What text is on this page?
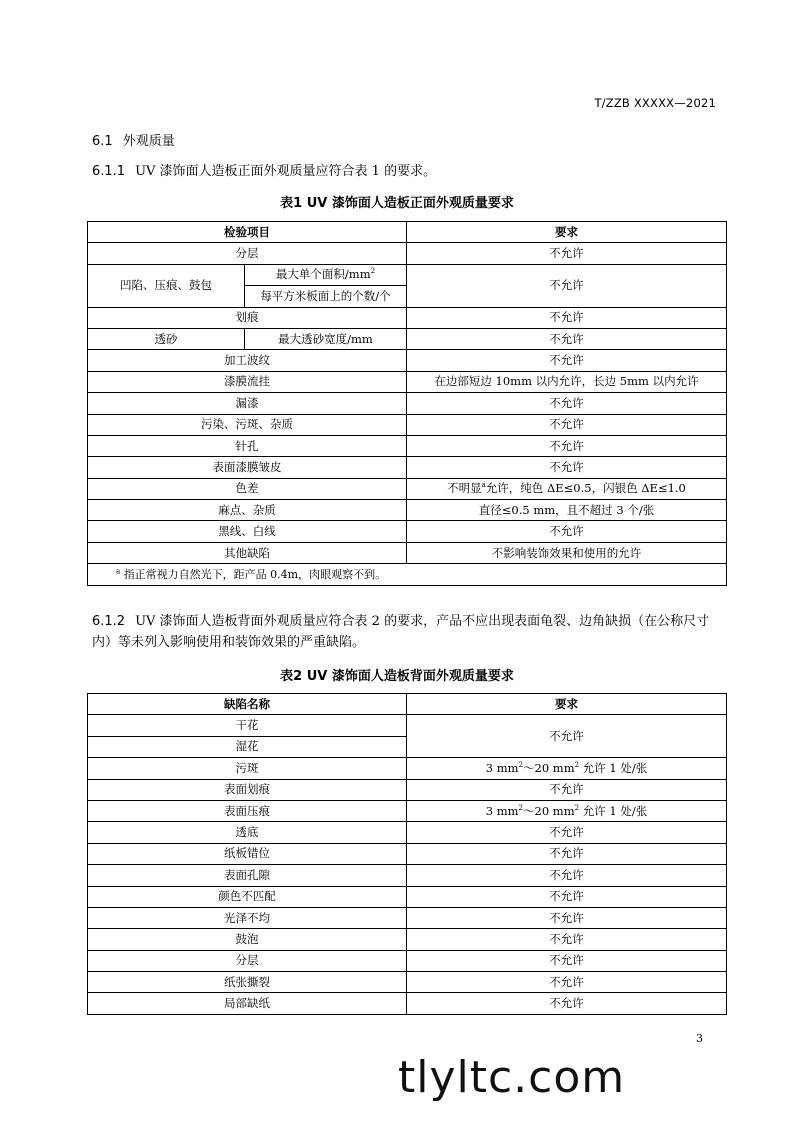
T/ZZB XXXXX—2021
6.1 外观质量
6.1.1 UV 漆饰面人造板正面外观质量应符合表 1 的要求。
表1 UV 漆饰面人造板正面外观质量要求
检验项目		要求
分层		不允许
凹陷、压痕、鼓包	最大单个面积$/mm^2$	不允许
	每平方米板面上的个数/个	
划痕		不允许
透砂	最大透砂宽度/mm	不允许
加工波纹		不允许
漆膜流挂		在边部短边 10mm 以内允许，长边 5mm 以内允许
漏漆		不允许
污染、污斑、杂质		不允许
针孔		不允许
表面漆膜皱皮		不允许
色差		不明显$^a$允许，纯色 ΔE≤0.5，闪银色 ΔE≤1.0
麻点、杂质		直径≤0.5 mm，且不超过 3 个/张
黑线、白线		不允许
其他缺陷		不影响装饰效果和使用的允许
$^a$ 指正常视力自然光下，距产品 0.4m，肉眼观察不到。		
6.1.2 UV 漆饰面人造板背面外观质量应符合表 2 的要求，产品不应出现表面龟裂、边角缺损（在公称尺寸内）等未列入影响使用和装饰效果的严重缺陷。
表2 UV 漆饰面人造板背面外观质量要求
缺陷名称	要求
干花	不允许
湿花	
污斑	3 $mm^2\sim 20$ $mm^2$ 允许 1 处/张
表面划痕	不允许
表面压痕	3 $mm^2\sim 20$ $mm^2$ 允许 1 处/张
透底	不允许
纸板错位	不允许
表面孔隙	不允许
颜色不匹配	不允许
光泽不均	不允许
鼓泡	不允许
分层	不允许
纸张撕裂	不允许
局部缺纸	不允许
3
tlyltc.com
